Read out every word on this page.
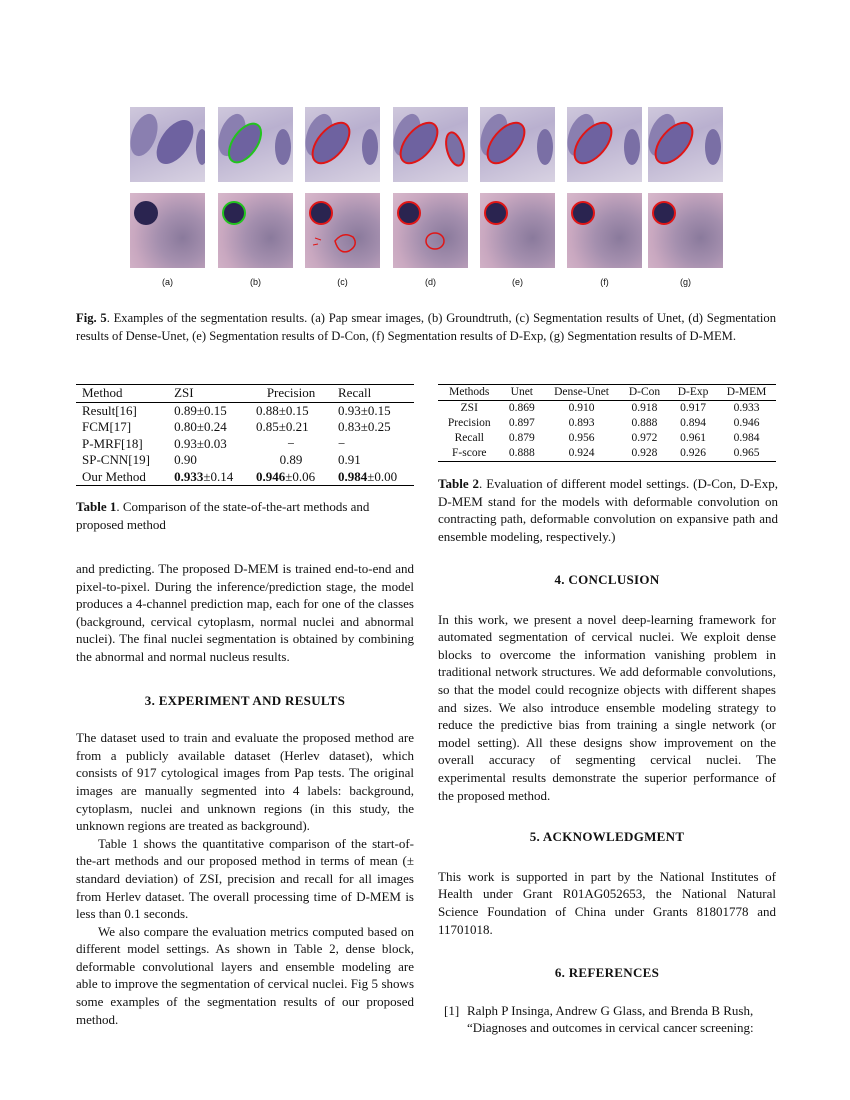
(a)	(b)	(c)	(d)	(e)	(f)	(g)
Fig. 5. Examples of the segmentation results. (a) Pap smear images, (b) Groundtruth, (c) Segmentation results of Unet, (d) Segmentation results of Dense-Unet, (e) Segmentation results of D-Con, (f) Segmentation results of D-Exp, (g) Segmentation results of D-MEM.
Method	ZSI	Precision	Recall
Result[16]	0.89±0.15	0.88±0.15	0.93±0.15
FCM[17]	0.80±0.24	0.85±0.21	0.83±0.25
P-MRF[18]	0.93±0.03	−	−
SP-CNN[19]	0.90	0.89	0.91
Our Method	0.933±0.14	0.946±0.06	0.984±0.00
Table 1. Comparison of the state-of-the-art methods and proposed method
Methods	Unet	Dense-Unet	D-Con	D-Exp	D-MEM
ZSI	0.869	0.910	0.918	0.917	0.933
Precision	0.897	0.893	0.888	0.894	0.946
Recall	0.879	0.956	0.972	0.961	0.984
F-score	0.888	0.924	0.928	0.926	0.965
Table 2. Evaluation of different model settings. (D-Con, D-Exp, D-MEM stand for the models with deformable convolution on contracting path, deformable convolution on expansive path and ensemble modeling, respectively.)

and predicting. The proposed D-MEM is trained end-to-end and pixel-to-pixel. During the inference/prediction stage, the model produces a 4-channel prediction map, each for one of the classes (background, cervical cytoplasm, normal nuclei and abnormal nuclei). The final nuclei segmentation is obtained by combining the abnormal and normal nucleus results.

3. EXPERIMENT AND RESULTS

The dataset used to train and evaluate the proposed method are from a publicly available dataset (Herlev dataset), which consists of 917 cytological images from Pap tests. The original images are manually segmented into 4 labels: background, cytoplasm, nuclei and unknown regions (in this study, the unknown regions are treated as background).

Table 1 shows the quantitative comparison of the start-of-the-art methods and our proposed method in terms of mean (± standard deviation) of ZSI, precision and recall for all images from Herlev dataset. The overall processing time of D-MEM is less than 0.1 seconds.

We also compare the evaluation metrics computed based on different model settings. As shown in Table 2, dense block, deformable convolutional layers and ensemble modeling are able to improve the segmentation of cervical nuclei. Fig 5 shows some examples of the segmentation results of our proposed method.

4. CONCLUSION

In this work, we present a novel deep-learning framework for automated segmentation of cervical nuclei. We exploit dense blocks to overcome the information vanishing problem in traditional network structures. We add deformable convolutions, so that the model could recognize objects with different shapes and sizes. We also introduce ensemble modeling strategy to reduce the predictive bias from training a single network (or model setting). All these designs show improvement on the overall accuracy of segmenting cervical nuclei. The experimental results demonstrate the superior performance of the proposed method.

5. ACKNOWLEDGMENT

This work is supported in part by the National Institutes of Health under Grant R01AG052653, the National Natural Science Foundation of China under Grants 81801778 and 11701018.

6. REFERENCES
[1] Ralph P Insinga, Andrew G Glass, and Brenda B Rush,
“Diagnoses and outcomes in cervical cancer screening:
